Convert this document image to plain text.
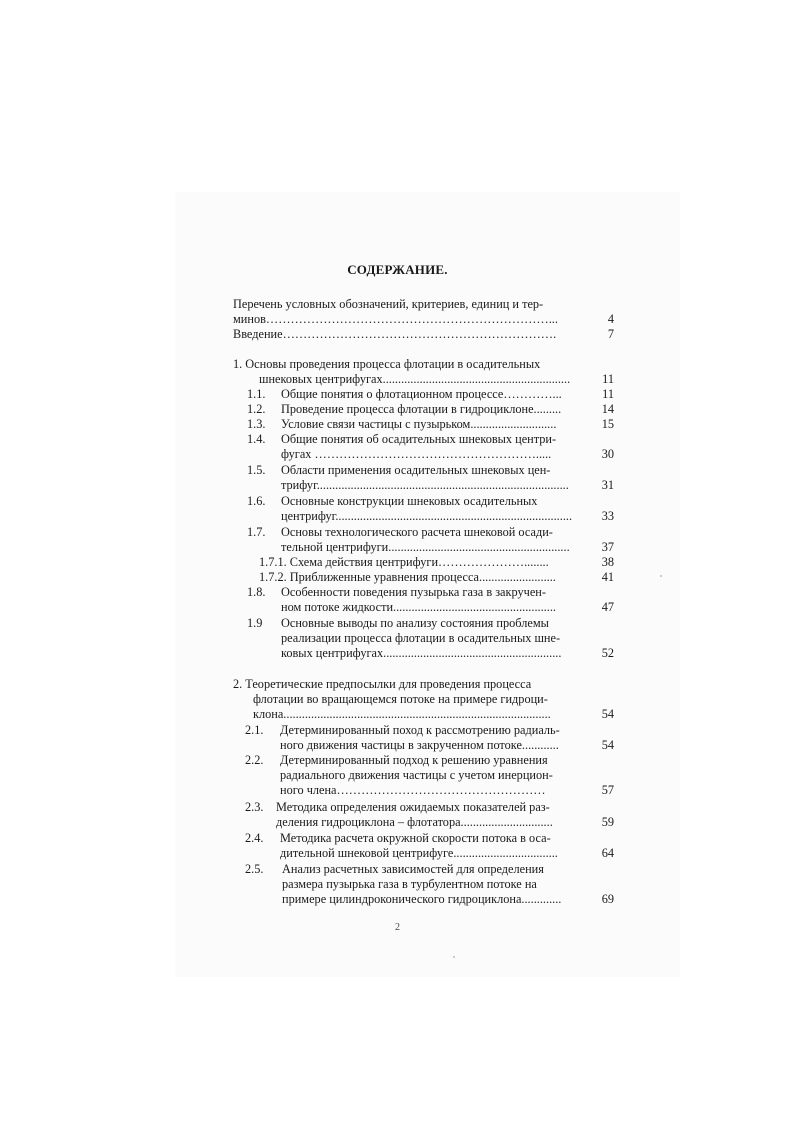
СОДЕРЖАНИЕ.
Перечень условных обозначений, критериев, единиц и тер-
минов……………………………………………………………...	4
Введение………………………………………………………….	7
1. Основы проведения процесса флотации в осадительных
шнековых центрифугах.............................................................	11
1.1. Общие понятия о флотационном процессе…………...	11
1.2. Проведение процесса флотации в гидроциклоне.........	14
1.3. Условие связи частицы с пузырьком............................	15
1.4. Общие понятия об осадительных шнековых центри-
фугах ……………………………………………….....	30
1.5. Области применения осадительных шнековых цен-
трифуг..................................................................................	31
1.6. Основные конструкции шнековых осадительных
центрифуг.............................................................................	33
1.7. Основы технологического расчета шнековой осади-
тельной центрифуги...........................................................	37
1.7.1. Схема действия центрифуги…………………........	38
1.7.2. Приближенные уравнения процесса.........................	41
1.8. Особенности поведения пузырька газа в закручен-
ном потоке жидкости.....................................................	47
1.9 Основные выводы по анализу состояния проблемы
реализации процесса флотации в осадительных шне-
ковых центрифугах..........................................................	52
2. Теоретические предпосылки для проведения процесса
флотации во вращающемся потоке на примере гидроци-
клона.......................................................................................	54
2.1. Детерминированный поход к рассмотрению радиаль-
ного движения частицы в закрученном потоке............	54
2.2. Детерминированный подход к решению уравнения
радиального движения частицы с учетом инерцион-
ного члена……………………………………………	57
2.3. Методика определения ожидаемых показателей раз-
деления гидроциклона – флотатора..............................	59
2.4. Методика расчета окружной скорости потока в оса-
дительной шнековой центрифуге..................................	64
2.5. Анализ расчетных зависимостей для определения
размера пузырька газа в турбулентном потоке на
примере цилиндроконического гидроциклона.............	69
2
